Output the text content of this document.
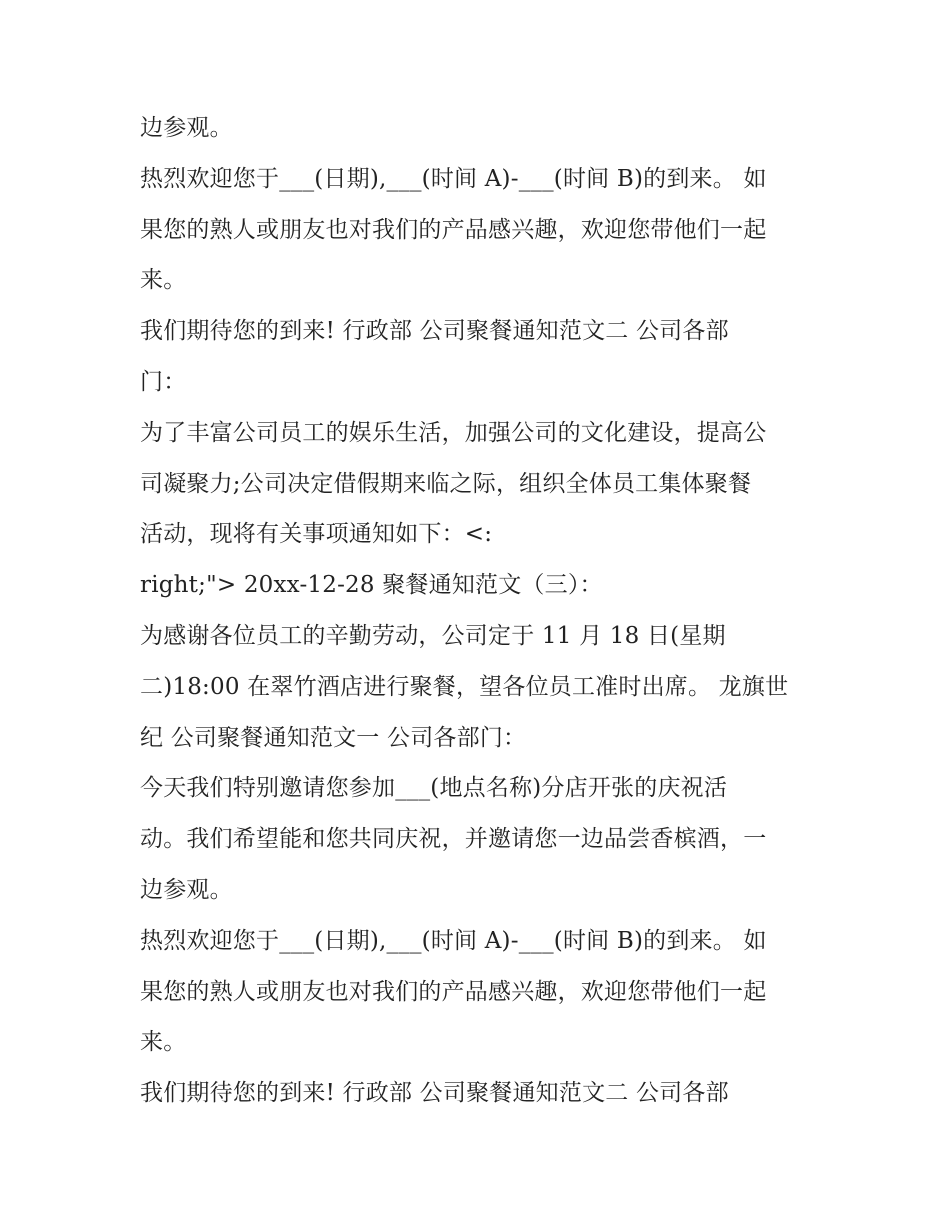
边参观。
热烈欢迎您于___(日期),___(时间 A)-___(时间 B)的到来。 如
果您的熟人或朋友也对我们的产品感兴趣，欢迎您带他们一起
来。
我们期待您的到来! 行政部 公司聚餐通知范文二 公司各部
门：
为了丰富公司员工的娱乐生活，加强公司的文化建设，提高公
司凝聚力;公司决定借假期来临之际，组织全体员工集体聚餐
活动，现将有关事项通知如下：<:
right;"> 20xx-12-28 聚餐通知范文（三）：
为感谢各位员工的辛勤劳动，公司定于 11 月 18 日(星期
二)18:00 在翠竹酒店进行聚餐，望各位员工准时出席。 龙旗世
纪 公司聚餐通知范文一 公司各部门：
今天我们特别邀请您参加___(地点名称)分店开张的庆祝活
动。我们希望能和您共同庆祝，并邀请您一边品尝香槟酒，一
边参观。
热烈欢迎您于___(日期),___(时间 A)-___(时间 B)的到来。 如
果您的熟人或朋友也对我们的产品感兴趣，欢迎您带他们一起
来。
我们期待您的到来! 行政部 公司聚餐通知范文二 公司各部
